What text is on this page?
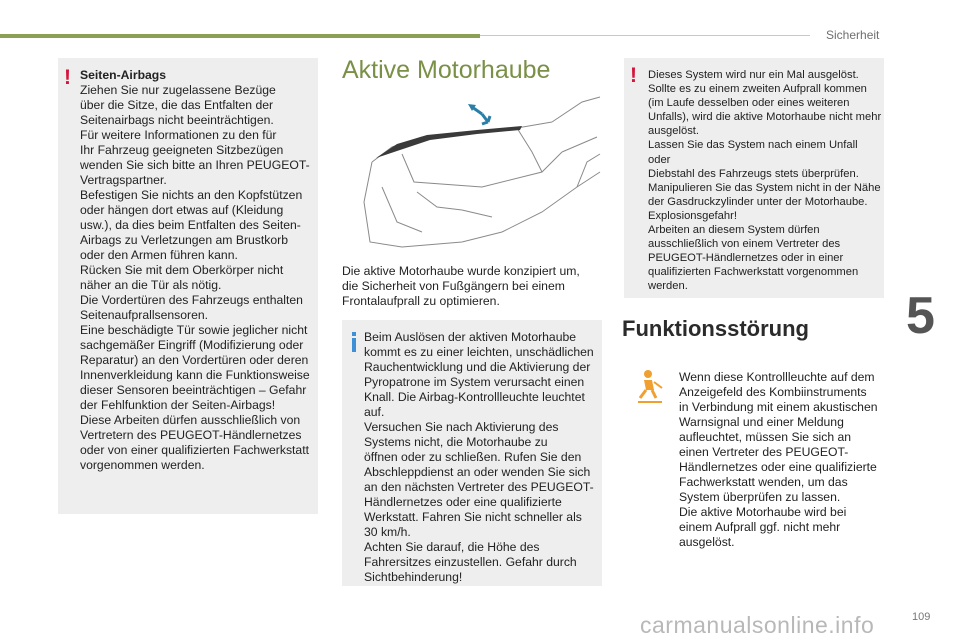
Sicherheit
5
! Seiten-Airbags
Ziehen Sie nur zugelassene Bezüge
über die Sitze, die das Entfalten der
Seitenairbags nicht beeinträchtigen.
Für weitere Informationen zu den für
Ihr Fahrzeug geeigneten Sitzbezügen
wenden Sie sich bitte an Ihren PEUGEOT-
Vertragspartner.
Befestigen Sie nichts an den Kopfstützen
oder hängen dort etwas auf (Kleidung
usw.), da dies beim Entfalten des Seiten-
Airbags zu Verletzungen am Brustkorb
oder den Armen führen kann.
Rücken Sie mit dem Oberkörper nicht
näher an die Tür als nötig.
Die Vordertüren des Fahrzeugs enthalten
Seitenaufprallsensoren.
Eine beschädigte Tür sowie jeglicher nicht
sachgemäßer Eingriff (Modifizierung oder
Reparatur) an den Vordertüren oder deren
Innenverkleidung kann die Funktionsweise
dieser Sensoren beeinträchtigen – Gefahr
der Fehlfunktion der Seiten-Airbags!
Diese Arbeiten dürfen ausschließlich von
Vertretern des PEUGEOT-Händlernetzes
oder von einer qualifizierten Fachwerkstatt
vorgenommen werden.
Aktive Motorhaube
Die aktive Motorhaube wurde konzipiert um,
die Sicherheit von Fußgängern bei einem
Frontalaufprall zu optimieren.
Beim Auslösen der aktiven Motorhaube
kommt es zu einer leichten, unschädlichen
Rauchentwicklung und die Aktivierung der
Pyropatrone im System verursacht einen
Knall. Die Airbag-Kontrollleuchte leuchtet
auf.
Versuchen Sie nach Aktivierung des
Systems nicht, die Motorhaube zu
öffnen oder zu schließen. Rufen Sie den
Abschleppdienst an oder wenden Sie sich
an den nächsten Vertreter des PEUGEOT-
Händlernetzes oder eine qualifizierte
Werkstatt. Fahren Sie nicht schneller als
30 km/h.
Achten Sie darauf, die Höhe des
Fahrersitzes einzustellen. Gefahr durch
Sichtbehinderung!
! Dieses System wird nur ein Mal ausgelöst.
Sollte es zu einem zweiten Aufprall kommen
(im Laufe desselben oder eines weiteren
Unfalls), wird die aktive Motorhaube nicht mehr
ausgelöst.
Lassen Sie das System nach einem Unfall oder
Diebstahl des Fahrzeugs stets überprüfen.
Manipulieren Sie das System nicht in der Nähe
der Gasdruckzylinder unter der Motorhaube.
Explosionsgefahr!
Arbeiten an diesem System dürfen
ausschließlich von einem Vertreter des
PEUGEOT-Händlernetzes oder in einer
qualifizierten Fachwerkstatt vorgenommen
werden.
Funktionsstörung
Wenn diese Kontrollleuchte auf dem
Anzeigefeld des Kombiinstruments
in Verbindung mit einem akustischen
Warnsignal und einer Meldung
aufleuchtet, müssen Sie sich an
einen Vertreter des PEUGEOT-
Händlernetzes oder eine qualifizierte
Fachwerkstatt wenden, um das
System überprüfen zu lassen.
Die aktive Motorhaube wird bei
einem Aufprall ggf. nicht mehr
ausgelöst.
carmanualsonline.info	109
